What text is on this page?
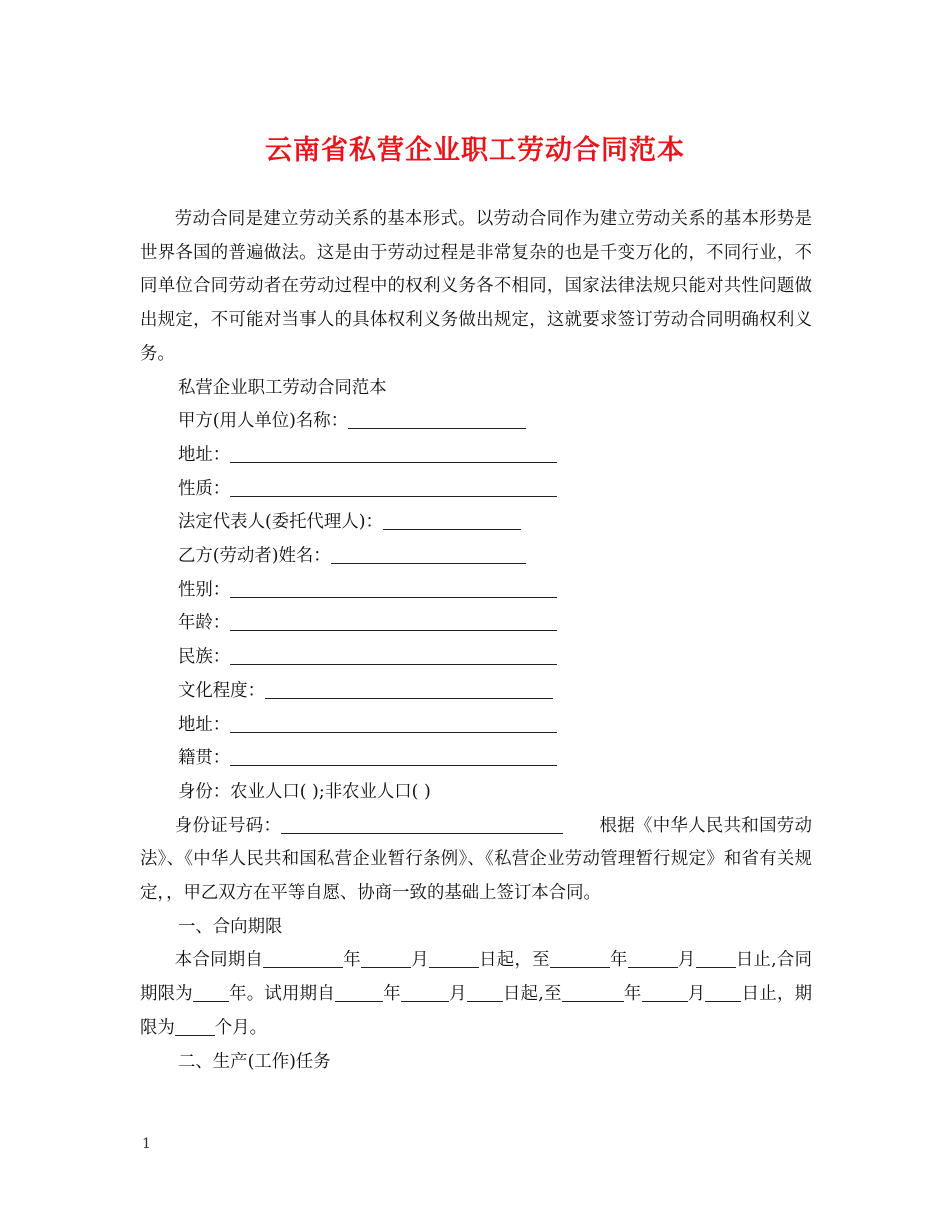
云南省私营企业职工劳动合同范本

劳动合同是建立劳动关系的基本形式。以劳动合同作为建立劳动关系的基本形势是世界各国的普遍做法。这是由于劳动过程是非常复杂的也是千变万化的，不同行业，不同单位合同劳动者在劳动过程中的权利义务各不相同，国家法律法规只能对共性问题做出规定，不可能对当事人的具体权利义务做出规定，这就要求签订劳动合同明确权利义务。

私营企业职工劳动合同范本

甲方(用人单位)名称：

地址：

性质：

法定代表人(委托代理人)：

乙方(劳动者)姓名：

性别：

年龄：

民族：

文化程度：

地址：

籍贯：

身份：农业人口( );非农业人口( )

身份证号码：	根据《中华人民共和国劳动法》、《中华人民共和国私营企业暂行条例》、《私营企业劳动管理暂行规定》和省有关规定，，甲乙双方在平等自愿、协商一致的基础上签订本合同。

一、合向期限

本合同期自	年	月	日起，至	年	月 日止,合同期限为 年。试用期自	年	月 日起,至	年	月 日止，期限为 个月。

二、生产(工作)任务

1
